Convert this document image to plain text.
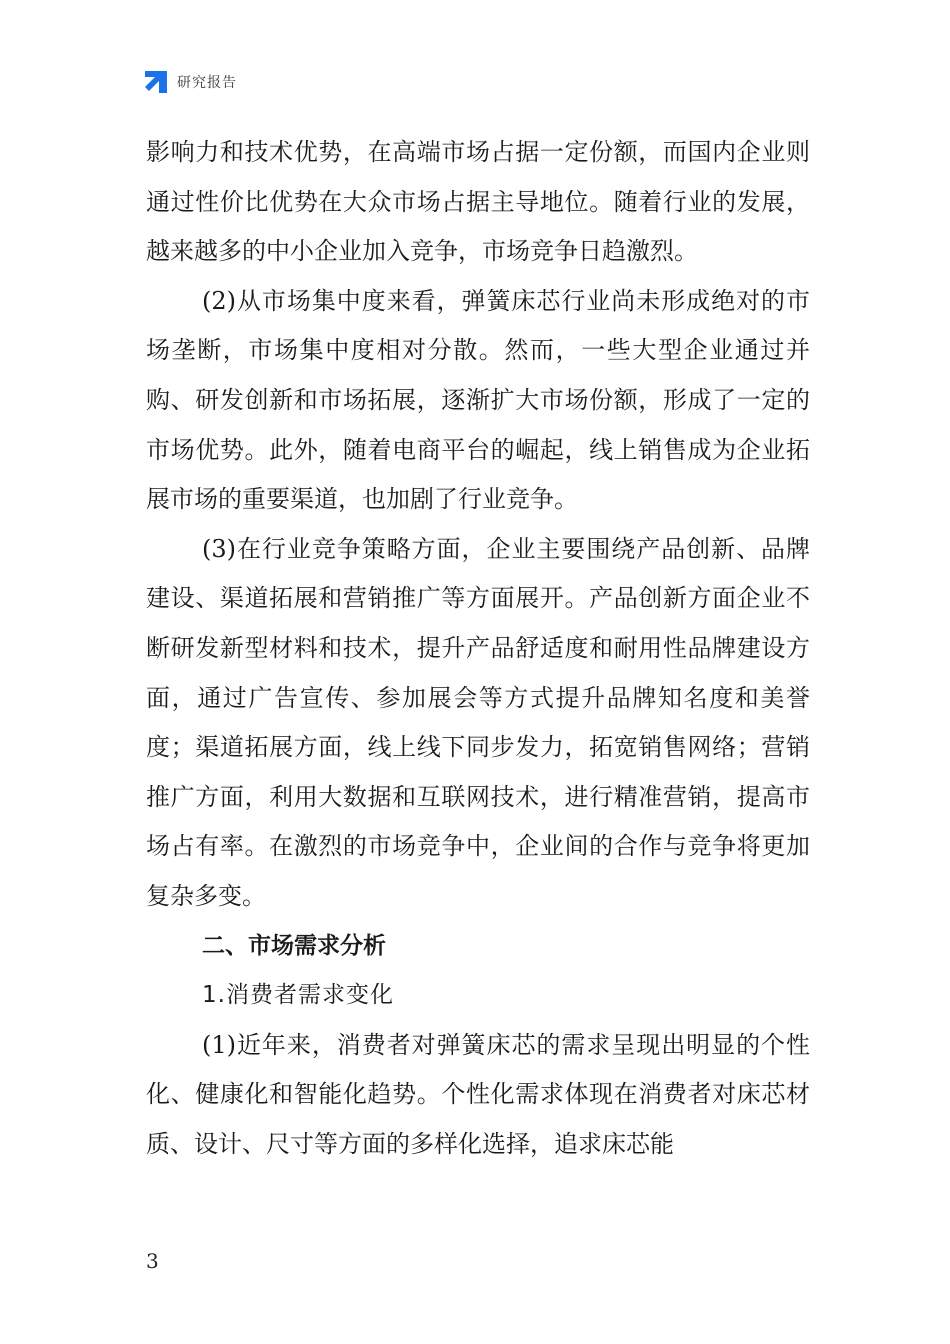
研究报告

影响力和技术优势，在高端市场占据一定份额，而国内企业则通过性价比优势在大众市场占据主导地位。随着行业的发展，越来越多的中小企业加入竞争，市场竞争日趋激烈。

(2)从市场集中度来看，弹簧床芯行业尚未形成绝对的市场垄断，市场集中度相对分散。然而，一些大型企业通过并购、研发创新和市场拓展，逐渐扩大市场份额，形成了一定的市场优势。此外，随着电商平台的崛起，线上销售成为企业拓展市场的重要渠道，也加剧了行业竞争。

(3)在行业竞争策略方面，企业主要围绕产品创新、品牌建设、渠道拓展和营销推广等方面展开。产品创新方面企业不断研发新型材料和技术，提升产品舒适度和耐用性品牌建设方面，通过广告宣传、参加展会等方式提升品牌知名度和美誉度；渠道拓展方面，线上线下同步发力，拓宽销售网络；营销推广方面，利用大数据和互联网技术，进行精准营销，提高市场占有率。在激烈的市场竞争中，企业间的合作与竞争将更加复杂多变。

二、市场需求分析

1.消费者需求变化

(1)近年来，消费者对弹簧床芯的需求呈现出明显的个性化、健康化和智能化趋势。个性化需求体现在消费者对床芯材质、设计、尺寸等方面的多样化选择，追求床芯能

3
